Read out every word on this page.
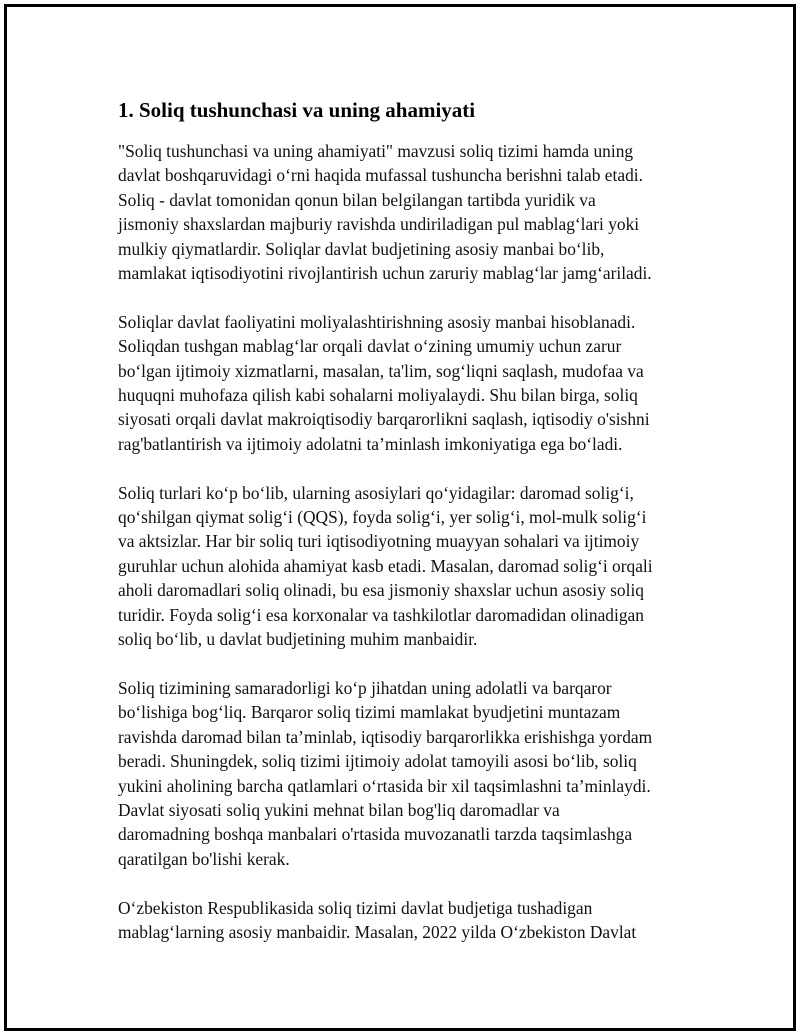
1. Soliq tushunchasi va uning ahamiyati

"Soliq tushunchasi va uning ahamiyati" mavzusi soliq tizimi hamda uning
davlat boshqaruvidagi oʻrni haqida mufassal tushuncha berishni talab etadi.
Soliq - davlat tomonidan qonun bilan belgilangan tartibda yuridik va
jismoniy shaxslardan majburiy ravishda undiriladigan pul mablagʻlari yoki
mulkiy qiymatlardir. Soliqlar davlat budjetining asosiy manbai boʻlib,
mamlakat iqtisodiyotini rivojlantirish uchun zaruriy mablagʻlar jamgʻariladi.

Soliqlar davlat faoliyatini moliyalashtirishning asosiy manbai hisoblanadi.
Soliqdan tushgan mablagʻlar orqali davlat oʻzining umumiy uchun zarur
boʻlgan ijtimoiy xizmatlarni, masalan, ta'lim, sogʻliqni saqlash, mudofaa va
huquqni muhofaza qilish kabi sohalarni moliyalaydi. Shu bilan birga, soliq
siyosati orqali davlat makroiqtisodiy barqarorlikni saqlash, iqtisodiy o'sishni
rag'batlantirish va ijtimoiy adolatni ta’minlash imkoniyatiga ega boʻladi.

Soliq turlari koʻp boʻlib, ularning asosiylari qoʻyidagilar: daromad soligʻi,
qoʻshilgan qiymat soligʻi (QQS), foyda soligʻi, yer soligʻi, mol-mulk soligʻi
va aktsizlar. Har bir soliq turi iqtisodiyotning muayyan sohalari va ijtimoiy
guruhlar uchun alohida ahamiyat kasb etadi. Masalan, daromad soligʻi orqali
aholi daromadlari soliq olinadi, bu esa jismoniy shaxslar uchun asosiy soliq
turidir. Foyda soligʻi esa korxonalar va tashkilotlar daromadidan olinadigan
soliq boʻlib, u davlat budjetining muhim manbaidir.

Soliq tizimining samaradorligi koʻp jihatdan uning adolatli va barqaror
boʻlishiga bogʻliq. Barqaror soliq tizimi mamlakat byudjetini muntazam
ravishda daromad bilan ta’minlab, iqtisodiy barqarorlikka erishishga yordam
beradi. Shuningdek, soliq tizimi ijtimoiy adolat tamoyili asosi boʻlib, soliq
yukini aholining barcha qatlamlari oʻrtasida bir xil taqsimlashni ta’minlaydi.
Davlat siyosati soliq yukini mehnat bilan bog'liq daromadlar va
daromadning boshqa manbalari o'rtasida muvozanatli tarzda taqsimlashga
qaratilgan bo'lishi kerak.

Oʻzbekiston Respublikasida soliq tizimi davlat budjetiga tushadigan
mablagʻlarning asosiy manbaidir. Masalan, 2022 yilda Oʻzbekiston Davlat
